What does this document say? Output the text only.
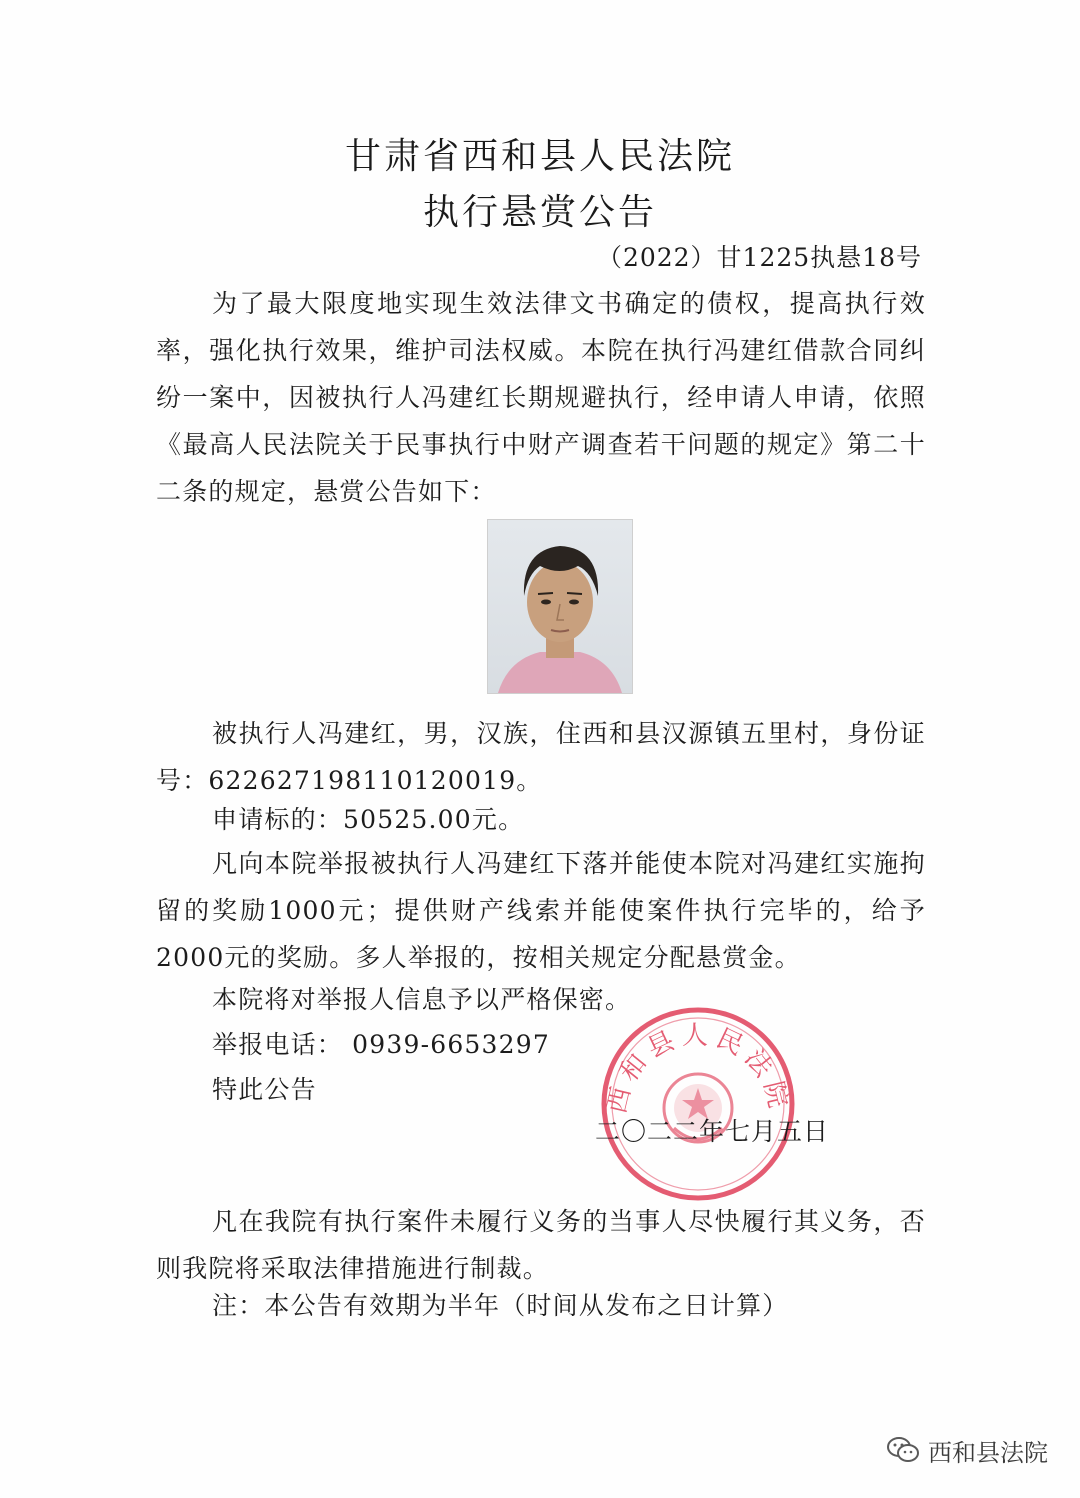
甘肃省西和县人民法院
执行悬赏公告
（2022）甘1225执悬18号

为了最大限度地实现生效法律文书确定的债权，提高执行效率，强化执行效果，维护司法权威。本院在执行冯建红借款合同纠纷一案中，因被执行人冯建红长期规避执行，经申请人申请，依照《最高人民法院关于民事执行中财产调查若干问题的规定》第二十二条的规定，悬赏公告如下：

被执行人冯建红，男，汉族，住西和县汉源镇五里村，身份证号：622627198110120019。

申请标的：50525.00元。

凡向本院举报被执行人冯建红下落并能使本院对冯建红实施拘留的奖励1000元；提供财产线索并能使案件执行完毕的，给予2000元的奖励。多人举报的，按相关规定分配悬赏金。

本院将对举报人信息予以严格保密。
举报电话： 0939-6653297
特此公告	西和县人民法院
二〇二二年七月五日

凡在我院有执行案件未履行义务的当事人尽快履行其义务，否则我院将采取法律措施进行制裁。

注：本公告有效期为半年（时间从发布之日计算）
西和县法院
